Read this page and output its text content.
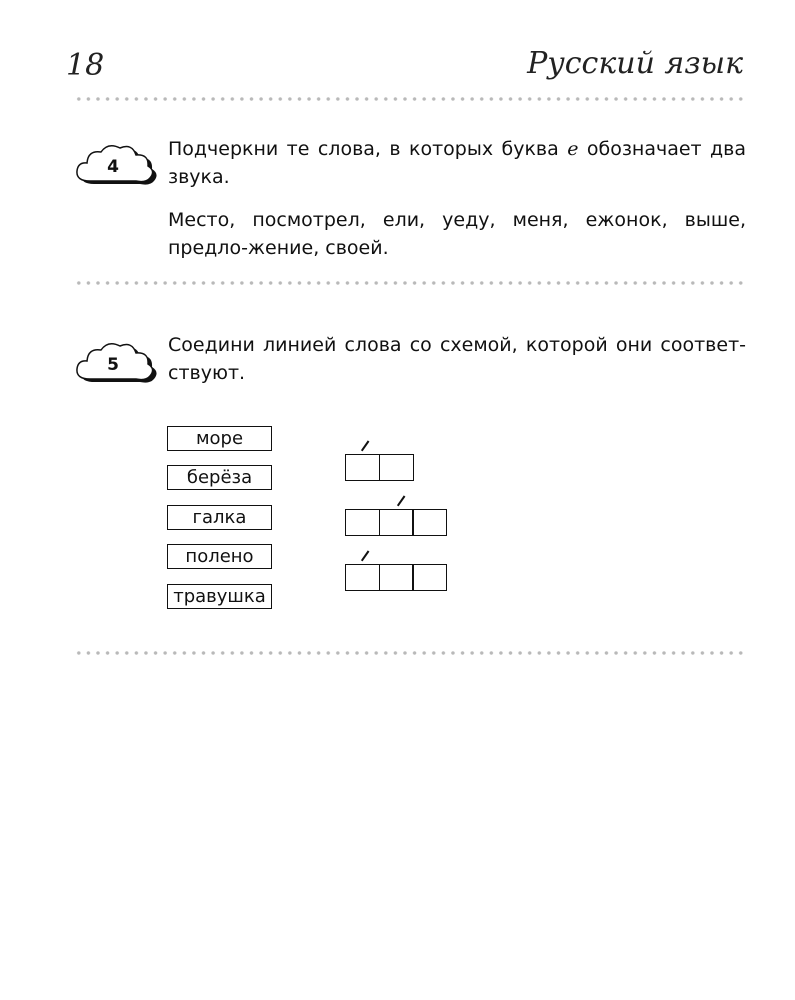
18	Русский язык
4
Подчеркни те слова, в которых буква е обозначает два звука.
Место, посмотрел, ели, уеду, меня, ежонок, выше, предло-жение, своей.
5
Соедини линией слова со схемой, которой они соответ-ствуют.
море
берёза
галка
полено
травушка
